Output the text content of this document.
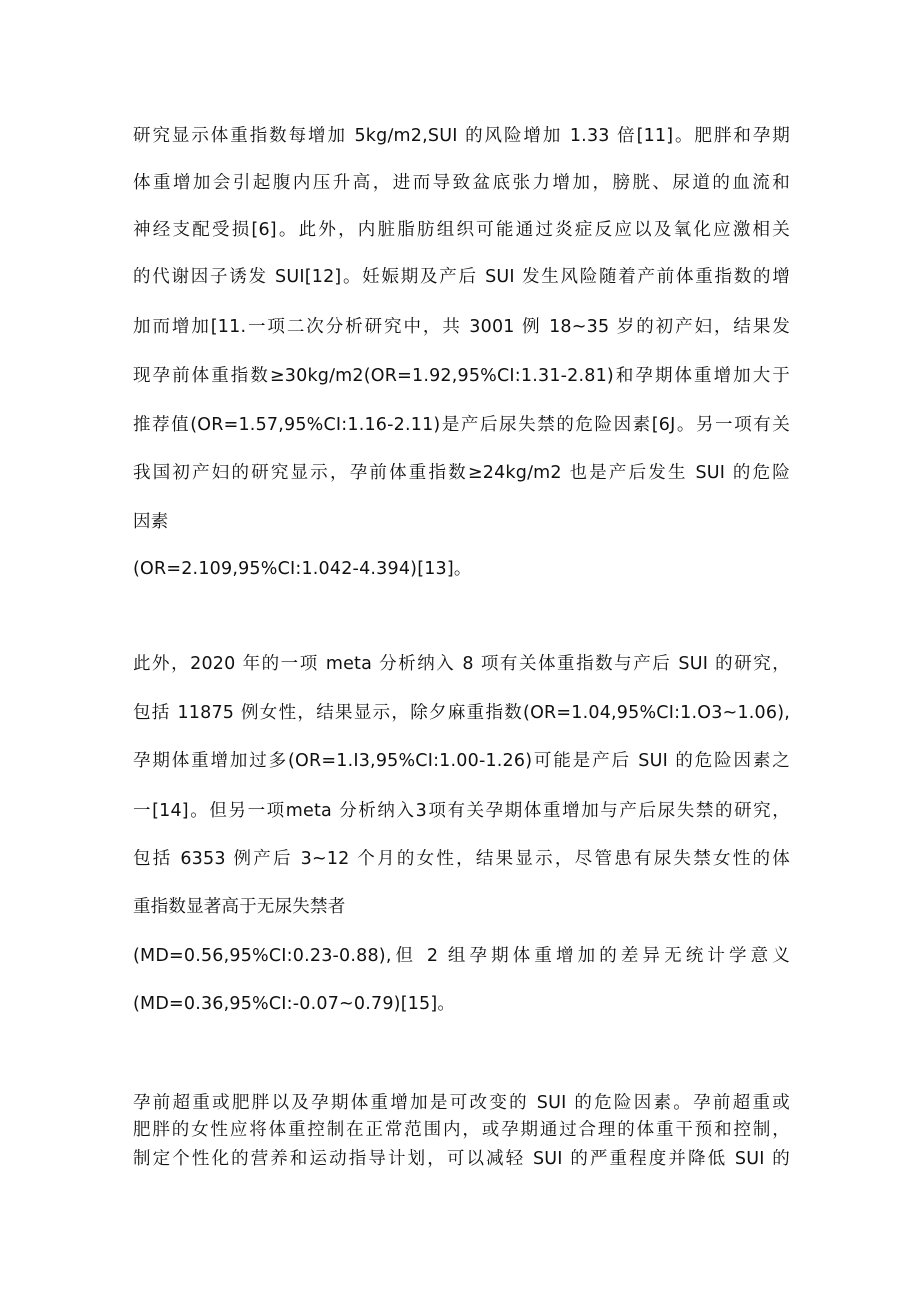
研究显示体重指数每增加 5kg∕m2,SUI 的风险增加 1.33 倍[11]。肥胖和孕期
体重增加会引起腹内压升高，进而导致盆底张力增加，膀胱、尿道的血流和
神经支配受损[6]。此外，内脏脂肪组织可能通过炎症反应以及氧化应激相关
的代谢因子诱发 SUI[12]。妊娠期及产后 SUI 发生风险随着产前体重指数的增
加而增加[11.一项二次分析研究中，共 3001 例 18~35 岁的初产妇，结果发
现孕前体重指数≥30kg∕m2(OR=1.92,95%CI:1.31-2.81)和孕期体重增加大于
推荐值(OR=1.57,95%CI:1.16-2.11)是产后尿失禁的危险因素[6J。另一项有关
我国初产妇的研究显示，孕前体重指数≥24kg∕m2 也是产后发生 SUI 的危险
因素
(OR=2.109,95%CI:1.042-4.394)[13]。
此外，2020 年的一项 meta 分析纳入 8 项有关体重指数与产后 SUI 的研究，
包括 11875 例女性，结果显示，除夕麻重指数(OR=1.04,95%CI:1.O3~1.06),
孕期体重增加过多(OR=1.I3,95%CI:1.00-1.26)可能是产后 SUI 的危险因素之
一[14]。但另一项meta 分析纳入3项有关孕期体重增加与产后尿失禁的研究，
包括 6353 例产后 3~12 个月的女性，结果显示，尽管患有尿失禁女性的体
重指数显著高于无尿失禁者
(MD=0.56,95%CI:0.23-0.88),但 2 组孕期体重增加的差异无统计学意义
(MD=0.36,95%CI:-0.07~0.79)[15]。
孕前超重或肥胖以及孕期体重增加是可改变的 SUI 的危险因素。孕前超重或
肥胖的女性应将体重控制在正常范围内，或孕期通过合理的体重干预和控制，
制定个性化的营养和运动指导计划，可以减轻 SUI 的严重程度并降低 SUI 的
